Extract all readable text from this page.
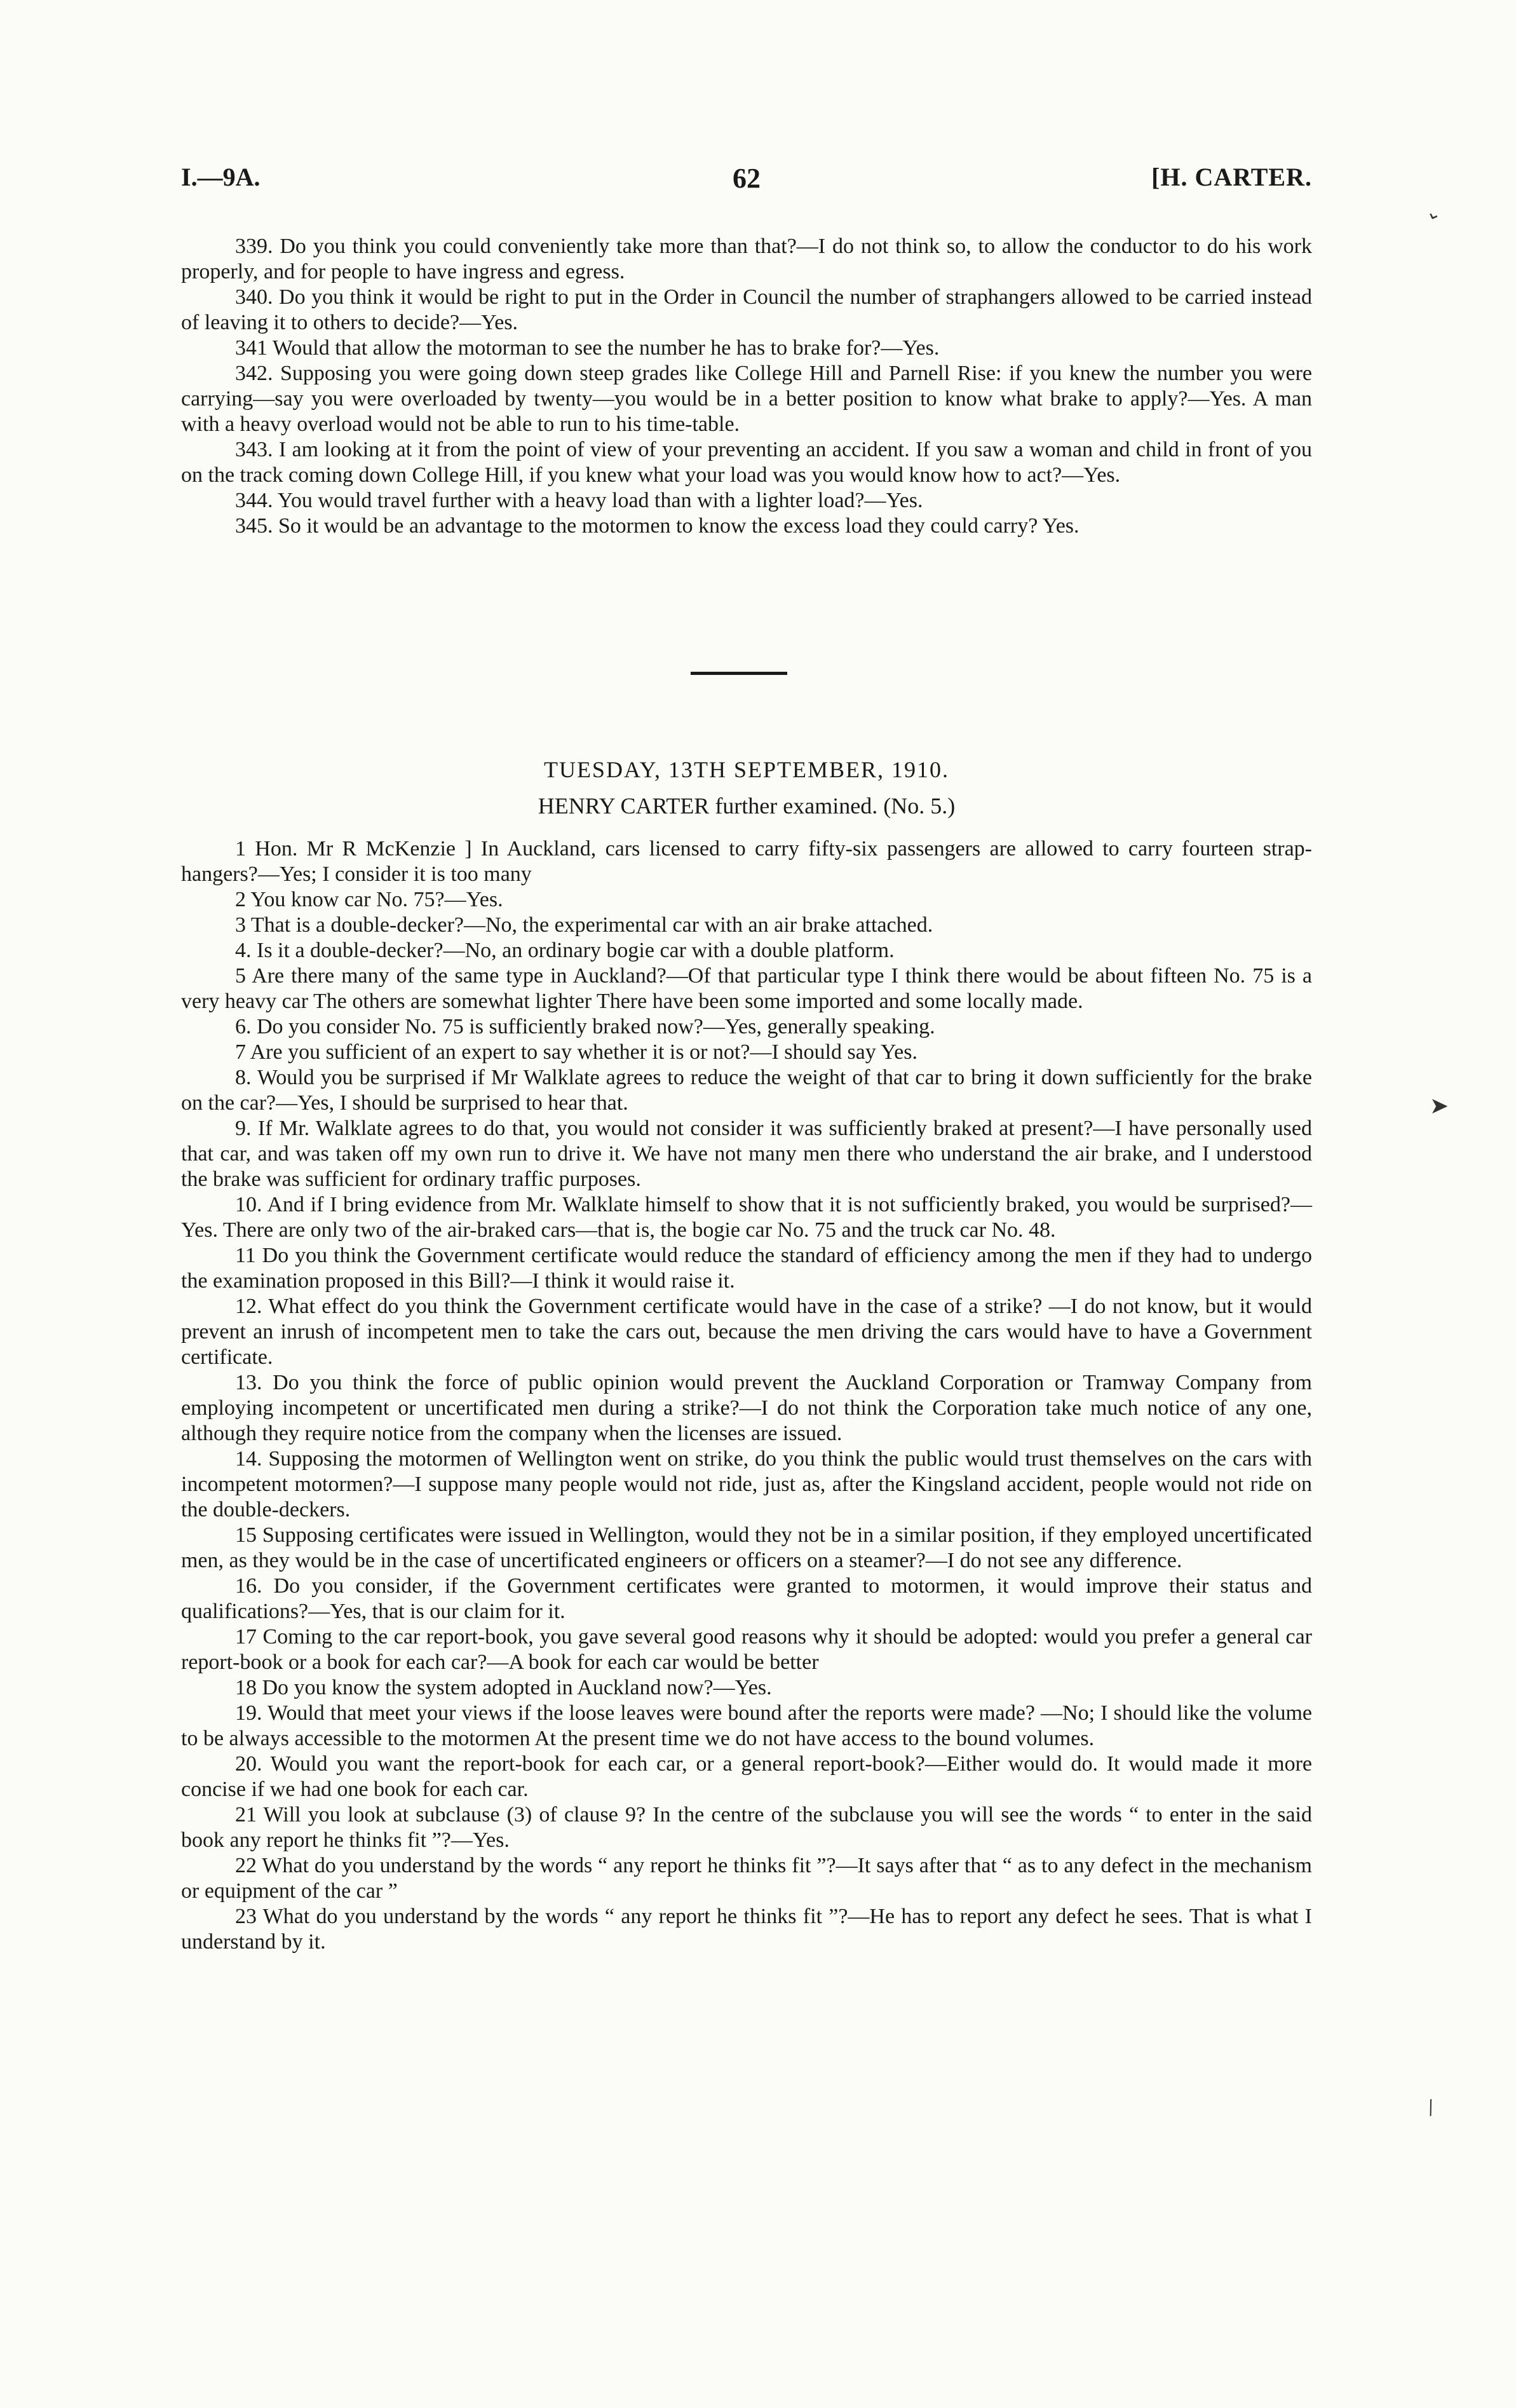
I.—9A.	62	[H. CARTER.

339. Do you think you could conveniently take more than that?—I do not think so, to allow the conductor to do his work properly, and for people to have ingress and egress.

340. Do you think it would be right to put in the Order in Council the number of straphangers allowed to be carried instead of leaving it to others to decide?—Yes.

341 Would that allow the motorman to see the number he has to brake for?—Yes.

342. Supposing you were going down steep grades like College Hill and Parnell Rise: if you knew the number you were carrying—say you were overloaded by twenty—you would be in a better position to know what brake to apply?—Yes. A man with a heavy overload would not be able to run to his time-table.

343. I am looking at it from the point of view of your preventing an accident. If you saw a woman and child in front of you on the track coming down College Hill, if you knew what your load was you would know how to act?—Yes.

344. You would travel further with a heavy load than with a lighter load?—Yes.

345. So it would be an advantage to the motormen to know the excess load they could carry? Yes.

TUESDAY, 13TH SEPTEMBER, 1910.
HENRY CARTER further examined. (No. 5.)

1 Hon. Mr R McKenzie ] In Auckland, cars licensed to carry fifty-six passengers are allowed to carry fourteen strap-hangers?—Yes; I consider it is too many

2 You know car No. 75?—Yes.

3 That is a double-decker?—No, the experimental car with an air brake attached.

4. Is it a double-decker?—No, an ordinary bogie car with a double platform.

5 Are there many of the same type in Auckland?—Of that particular type I think there would be about fifteen No. 75 is a very heavy car The others are somewhat lighter There have been some imported and some locally made.

6. Do you consider No. 75 is sufficiently braked now?—Yes, generally speaking.

7 Are you sufficient of an expert to say whether it is or not?—I should say Yes.

8. Would you be surprised if Mr Walklate agrees to reduce the weight of that car to bring it down sufficiently for the brake on the car?—Yes, I should be surprised to hear that.

9. If Mr. Walklate agrees to do that, you would not consider it was sufficiently braked at present?—I have personally used that car, and was taken off my own run to drive it. We have not many men there who understand the air brake, and I understood the brake was sufficient for ordinary traffic purposes.

10. And if I bring evidence from Mr. Walklate himself to show that it is not sufficiently braked, you would be surprised?—Yes. There are only two of the air-braked cars—that is, the bogie car No. 75 and the truck car No. 48.

11 Do you think the Government certificate would reduce the standard of efficiency among the men if they had to undergo the examination proposed in this Bill?—I think it would raise it.

12. What effect do you think the Government certificate would have in the case of a strike? —I do not know, but it would prevent an inrush of incompetent men to take the cars out, because the men driving the cars would have to have a Government certificate.

13. Do you think the force of public opinion would prevent the Auckland Corporation or Tramway Company from employing incompetent or uncertificated men during a strike?—I do not think the Corporation take much notice of any one, although they require notice from the company when the licenses are issued.

14. Supposing the motormen of Wellington went on strike, do you think the public would trust themselves on the cars with incompetent motormen?—I suppose many people would not ride, just as, after the Kingsland accident, people would not ride on the double-deckers.

15 Supposing certificates were issued in Wellington, would they not be in a similar position, if they employed uncertificated men, as they would be in the case of uncertificated engineers or officers on a steamer?—I do not see any difference.

16. Do you consider, if the Government certificates were granted to motormen, it would improve their status and qualifications?—Yes, that is our claim for it.

17 Coming to the car report-book, you gave several good reasons why it should be adopted: would you prefer a general car report-book or a book for each car?—A book for each car would be better

18 Do you know the system adopted in Auckland now?—Yes.

19. Would that meet your views if the loose leaves were bound after the reports were made? —No; I should like the volume to be always accessible to the motormen At the present time we do not have access to the bound volumes.

20. Would you want the report-book for each car, or a general report-book?—Either would do. It would made it more concise if we had one book for each car.

21 Will you look at subclause (3) of clause 9? In the centre of the subclause you will see the words “ to enter in the said book any report he thinks fit ”?—Yes.

22 What do you understand by the words “ any report he thinks fit ”?—It says after that “ as to any defect in the mechanism or equipment of the car ”

23 What do you understand by the words “ any report he thinks fit ”?—He has to report any defect he sees. That is what I understand by it.

⌄
➤
⁄
